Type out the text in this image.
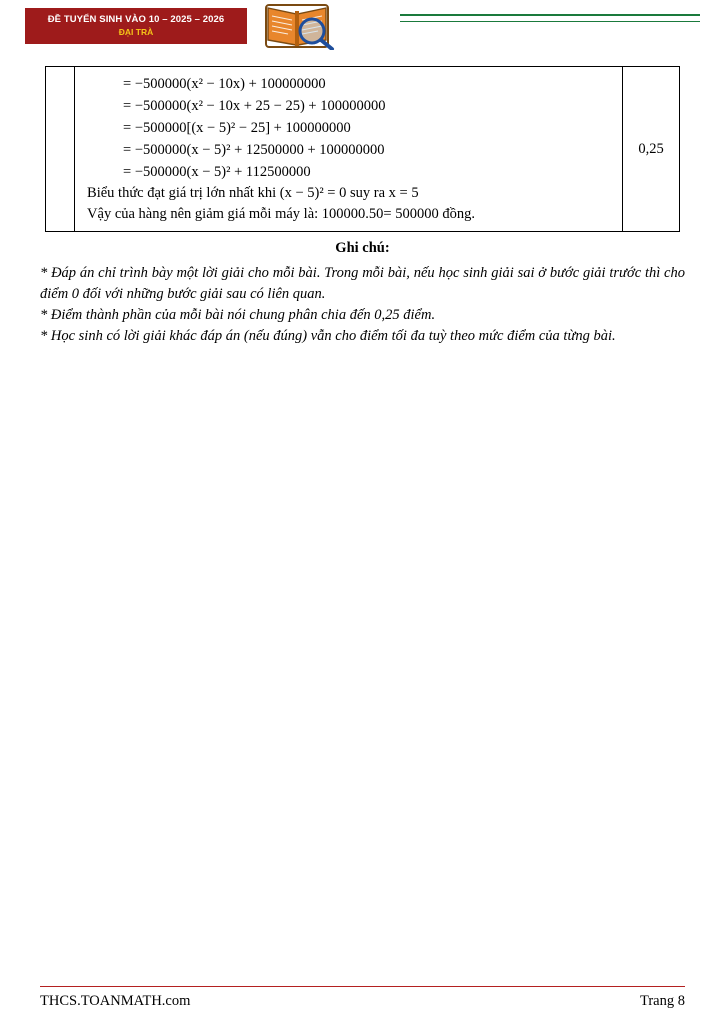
ĐỀ TUYỂN SINH VÀO 10 – 2025 – 2026
ĐẠI TRÀ

= −500000(x² − 10x) + 100000000
= −500000(x² − 10x + 25 − 25) + 100000000
= −500000[(x − 5)² − 25] + 100000000
= −500000(x − 5)² + 12500000 + 100000000
= −500000(x − 5)² + 112500000
Biểu thức đạt giá trị lớn nhất khi (x − 5)² = 0 suy ra x = 5
Vậy của hàng nên giảm giá mỗi máy là: 100000.50= 500000 đồng.
	0,25
Ghi chú:
* Đáp án chỉ trình bày một lời giải cho mỗi bài. Trong mỗi bài, nếu học sinh giải sai ở bước giải trước thì cho điểm 0 đối với những bước giải sau có liên quan.
* Điểm thành phần của mỗi bài nói chung phân chia đến 0,25 điểm.
* Học sinh có lời giải khác đáp án (nếu đúng) vẫn cho điểm tối đa tuỳ theo mức điểm của từng bài.
THCS.TOANMATH.com	Trang 8
